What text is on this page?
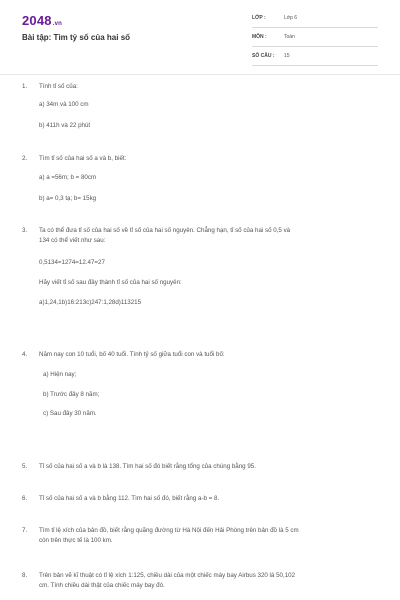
2048.vn
Bài tập: Tìm tỷ số của hai số
LỚP :	Lớp 6
MÔN :	Toán
SỐ CÂU : 15
1.	Tính tỉ số của:
a) 34m và 100 cm
b) 411h và 22 phút
2.	Tìm tỉ số của hai số a và b, biết:
a) a =56m; b = 80cm
b) a= 0,3 tạ; b= 15kg
3.	Ta có thể đưa tỉ số của hai số về tỉ số của hai số nguyên. Chẳng hạn, tỉ số của hai số 0,5 và
134 có thể viết như sau:
0,5134=1274=12.47=27
Hãy viết tỉ số sau đây thành tỉ số của hai số nguyên:
a)1,24,1b)16:213c)247:1,28d)113215
4.	Năm nay con 10 tuổi, bố 40 tuổi. Tính tỷ số giữa tuổi con và tuổi bố:
a) Hiện nay;
b) Trước đây 8 năm;
c) Sau đây 30 năm.
5.	Tỉ số của hai số a và b là 138. Tìm hai số đó biết rằng tổng của chúng bằng 95.
6.	Tỉ số của hai số a và b bằng 112. Tìm hai số đó, biết rằng a-b = 8.
7.	Tìm tỉ lệ xích của bản đồ, biết rằng quãng đường từ Hà Nội đến Hải Phòng trên bản đồ là 5 cm
còn trên thực tế là 100 km.
8.	Trên bản vẽ kĩ thuật có tỉ lệ xích 1:125, chiều dài của một chiếc máy bay Airbus 320 là 50,102
cm. Tính chiều dài thật của chiếc máy bay đó.
